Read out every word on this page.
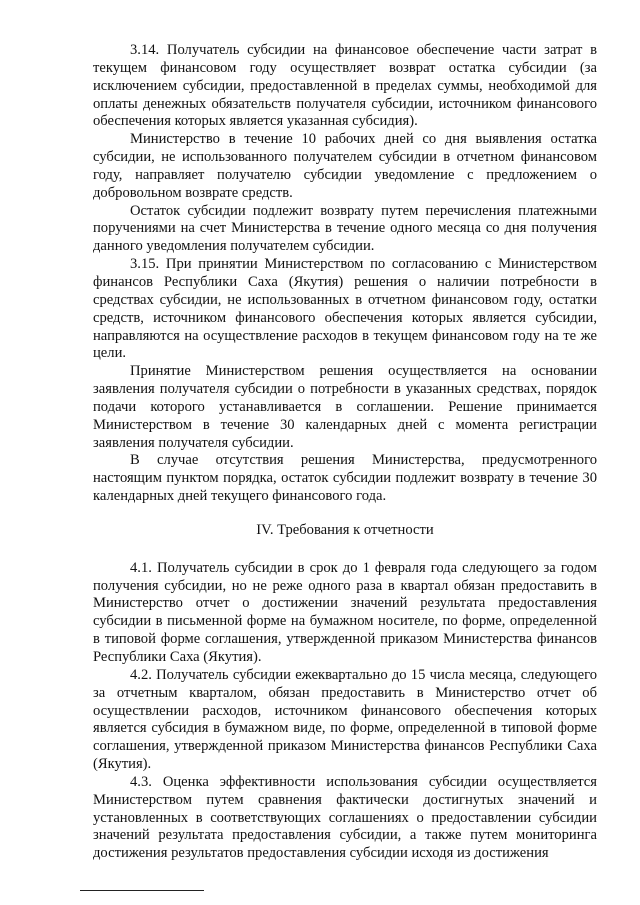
3.14. Получатель субсидии на финансовое обеспечение части затрат в текущем финансовом году осуществляет возврат остатка субсидии (за исключением субсидии, предоставленной в пределах суммы, необходимой для оплаты денежных обязательств получателя субсидии, источником финансового обеспечения которых является указанная субсидия).

Министерство в течение 10 рабочих дней со дня выявления остатка субсидии, не использованного получателем субсидии в отчетном финансовом году, направляет получателю субсидии уведомление с предложением о добровольном возврате средств.

Остаток субсидии подлежит возврату путем перечисления платежными поручениями на счет Министерства в течение одного месяца со дня получения данного уведомления получателем субсидии.

3.15. При принятии Министерством по согласованию с Министерством финансов Республики Саха (Якутия) решения о наличии потребности в средствах субсидии, не использованных в отчетном финансовом году, остатки средств, источником финансового обеспечения которых является субсидии, направляются на осуществление расходов в текущем финансовом году на те же цели.

Принятие Министерством решения осуществляется на основании заявления получателя субсидии о потребности в указанных средствах, порядок подачи которого устанавливается в соглашении. Решение принимается Министерством в течение 30 календарных дней с момента регистрации заявления получателя субсидии.

В случае отсутствия решения Министерства, предусмотренного настоящим пунктом порядка, остаток субсидии подлежит возврату в течение 30 календарных дней текущего финансового года.

IV. Требования к отчетности

4.1. Получатель субсидии в срок до 1 февраля года следующего за годом получения субсидии, но не реже одного раза в квартал обязан предоставить в Министерство отчет о достижении значений результата предоставления субсидии в письменной форме на бумажном носителе, по форме, определенной в типовой форме соглашения, утвержденной приказом Министерства финансов Республики Саха (Якутия).

4.2. Получатель субсидии ежеквартально до 15 числа месяца, следующего за отчетным кварталом, обязан предоставить в Министерство отчет об осуществлении расходов, источником финансового обеспечения которых является субсидия в бумажном виде, по форме, определенной в типовой форме соглашения, утвержденной приказом Министерства финансов Республики Саха (Якутия).

4.3. Оценка эффективности использования субсидии осуществляется Министерством путем сравнения фактически достигнутых значений и установленных в соответствующих соглашениях о предоставлении субсидии значений результата предоставления субсидии, а также путем мониторинга достижения результатов предоставления субсидии исходя из достижения
